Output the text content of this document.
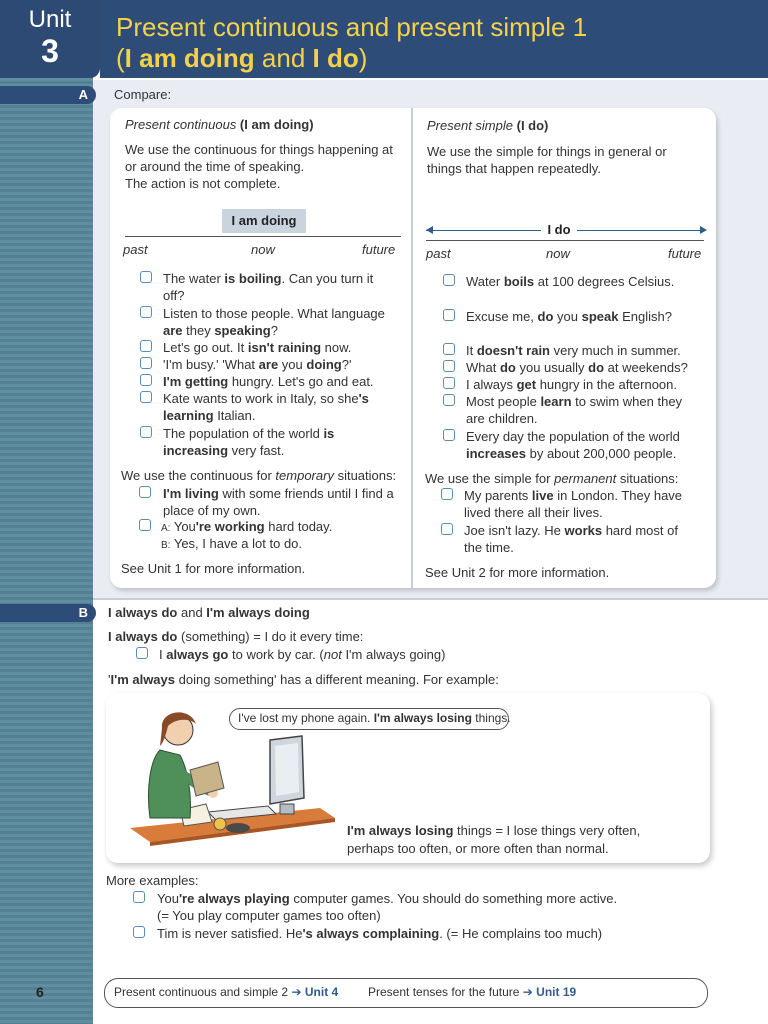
Unit
3
Present continuous and present simple 1
(I am doing and I do)
A
B
Compare:
Present continuous (I am doing)
We use the continuous for things happening at
or around the time of speaking.
The action is not complete.
I am doing
past	now	future
The water is boiling. Can you turn it
off?
Listen to those people. What language
are they speaking?
Let's go out. It isn't raining now.
'I'm busy.' 'What are you doing?'
I'm getting hungry. Let's go and eat.
Kate wants to work in Italy, so she's
learning Italian.
The population of the world is
increasing very fast.
We use the continuous for temporary situations:
I'm living with some friends until I find a
place of my own.
A: You're working hard today.
B: Yes, I have a lot to do.
See Unit 1 for more information.
Present simple (I do)
We use the simple for things in general or
things that happen repeatedly.
I do
past	now	future
Water boils at 100 degrees Celsius.
Excuse me, do you speak English?
It doesn't rain very much in summer.
What do you usually do at weekends?
I always get hungry in the afternoon.
Most people learn to swim when they
are children.
Every day the population of the world
increases by about 200,000 people.
We use the simple for permanent situations:
My parents live in London. They have
lived there all their lives.
Joe isn't lazy. He works hard most of
the time.
See Unit 2 for more information.
I always do and I'm always doing
I always do (something) = I do it every time:
I always go to work by car. (not I'm always going)
'I'm always doing something' has a different meaning. For example:
I've lost my phone again. I'm always losing things.
I'm always losing things = I lose things very often,
perhaps too often, or more often than normal.
More examples:
You're always playing computer games. You should do something more active.
(= You play computer games too often)
Tim is never satisfied. He's always complaining. (= He complains too much)
6	Present continuous and simple 2 ➔ Unit 4 Present tenses for the future ➔ Unit 19
